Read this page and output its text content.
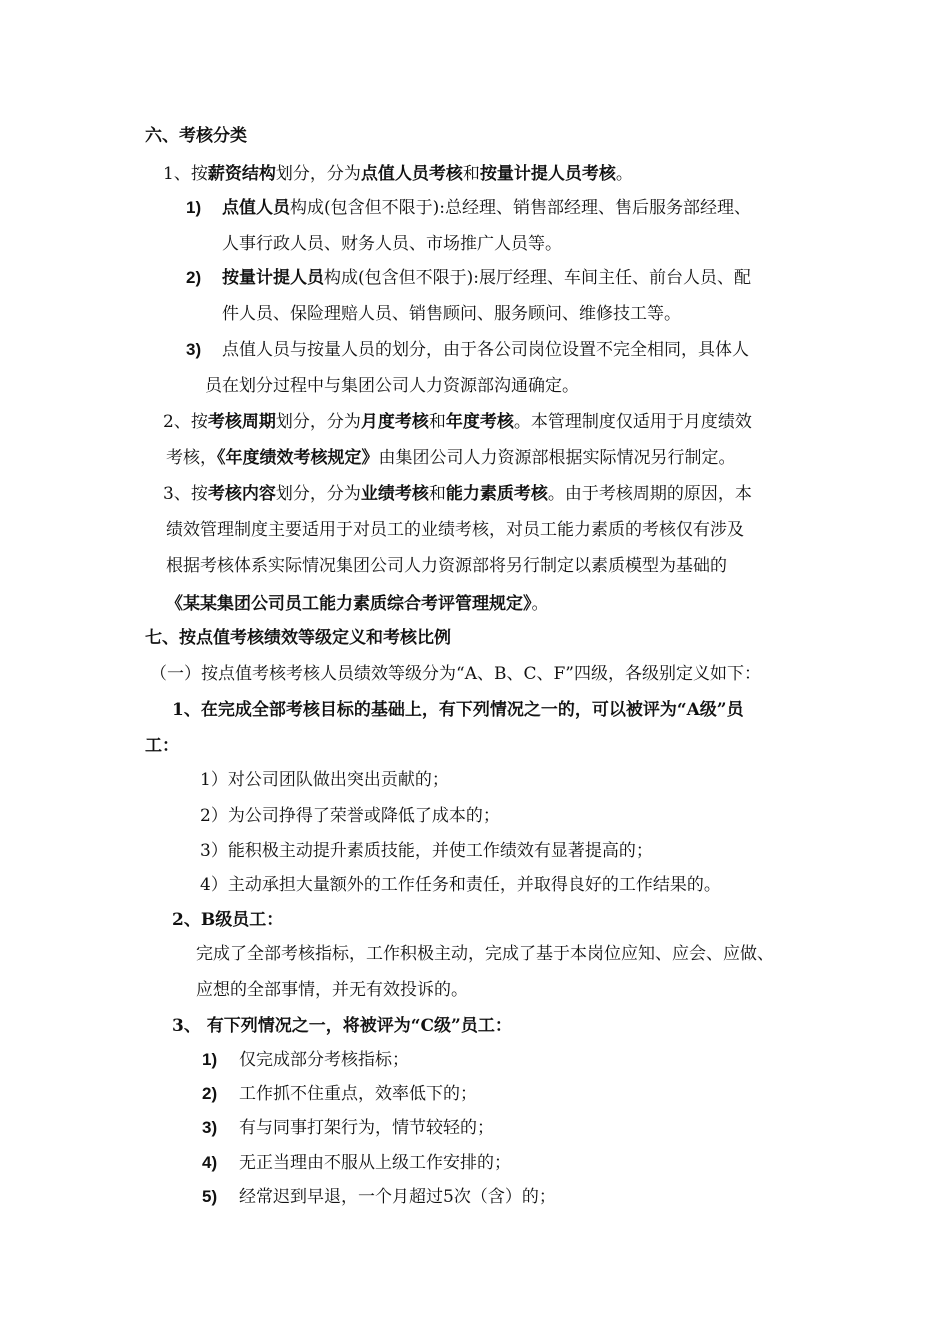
六、考核分类
1、按薪资结构划分，分为点值人员考核和按量计提人员考核。
1) 点值人员构成(包含但不限于):总经理、销售部经理、售后服务部经理、
人事行政人员、财务人员、市场推广人员等。
2) 按量计提人员构成(包含但不限于):展厅经理、车间主任、前台人员、配
件人员、保险理赔人员、销售顾问、服务顾问、维修技工等。
3) 点值人员与按量人员的划分，由于各公司岗位设置不完全相同，具体人
员在划分过程中与集团公司人力资源部沟通确定。
2、按考核周期划分，分为月度考核和年度考核。本管理制度仅适用于月度绩效
考核，《年度绩效考核规定》由集团公司人力资源部根据实际情况另行制定。
3、按考核内容划分，分为业绩考核和能力素质考核。由于考核周期的原因，本
绩效管理制度主要适用于对员工的业绩考核，对员工能力素质的考核仅有涉及
根据考核体系实际情况集团公司人力资源部将另行制定以素质模型为基础的
《某某集团公司员工能力素质综合考评管理规定》。
七、按点值考核绩效等级定义和考核比例
（一）按点值考核考核人员绩效等级分为“A、B、C、F”四级，各级别定义如下：
1、在完成全部考核目标的基础上，有下列情况之一的，可以被评为“A级”员
工：
1）对公司团队做出突出贡献的；
2）为公司挣得了荣誉或降低了成本的；
3）能积极主动提升素质技能，并使工作绩效有显著提高的；
4）主动承担大量额外的工作任务和责任，并取得良好的工作结果的。
2、B级员工：
完成了全部考核指标，工作积极主动，完成了基于本岗位应知、应会、应做、
应想的全部事情，并无有效投诉的。
3、 有下列情况之一，将被评为“C级”员工：
1) 仅完成部分考核指标；
2) 工作抓不住重点，效率低下的；
3) 有与同事打架行为，情节较轻的；
4) 无正当理由不服从上级工作安排的；
5) 经常迟到早退，一个月超过5次（含）的；
